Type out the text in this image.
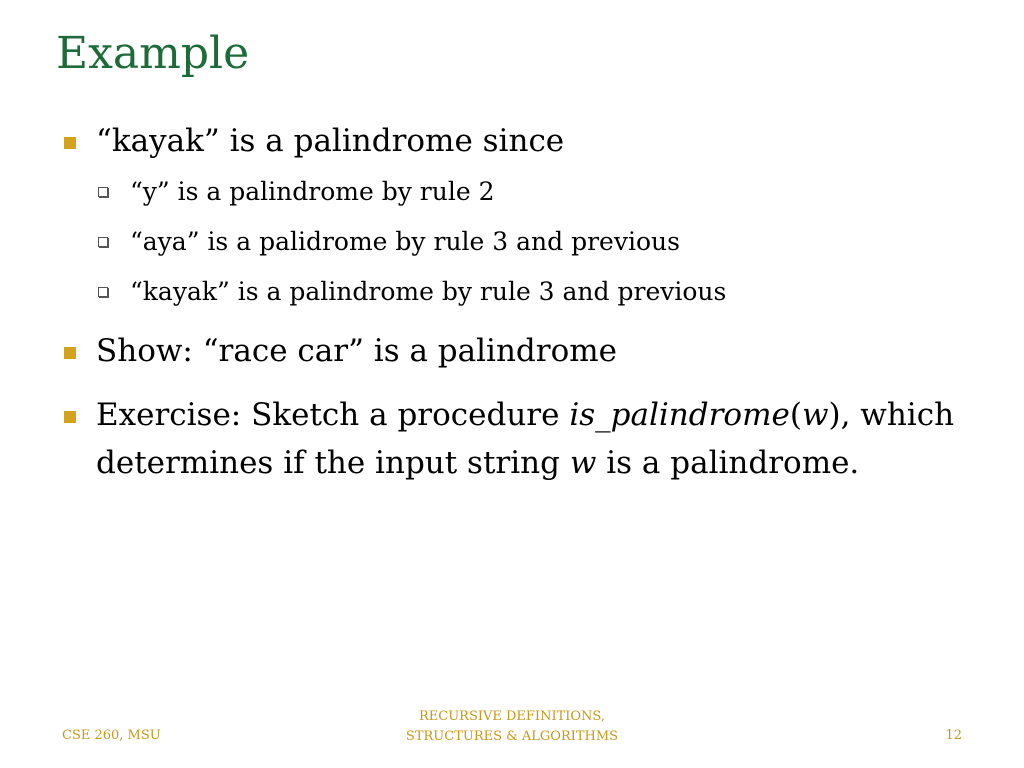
Example
“kayak” is a palindrome since
“y” is a palindrome by rule 2
“aya” is a palidrome by rule 3 and previous
“kayak” is a palindrome by rule 3 and previous
Show: “race car” is a palindrome
Exercise: Sketch a procedure is_palindrome(w), which determines if the input string w is a palindrome.
CSE 260, MSU
RECURSIVE DEFINITIONS,
STRUCTURES & ALGORITHMS	12
